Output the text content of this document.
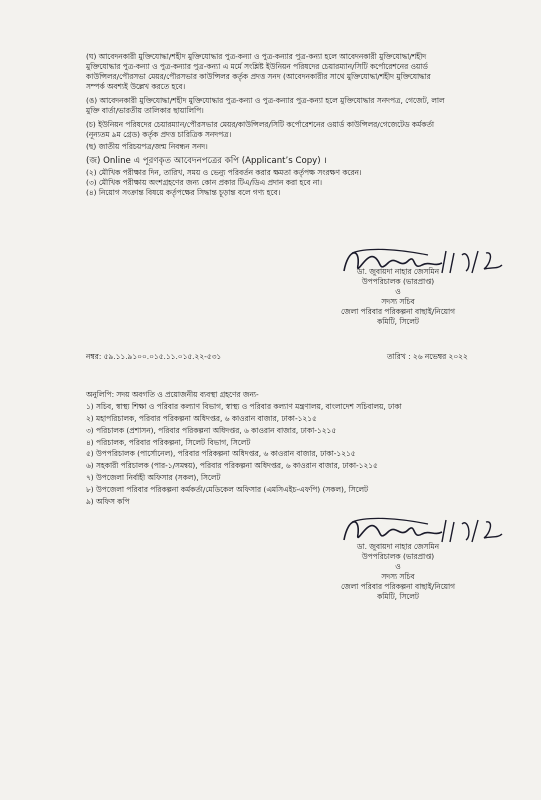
(ঘ) আবেদনকারী মুক্তিযোদ্ধা/শহীদ মুক্তিযোদ্ধার পুত্র-কন্যা ও পুত্র-কন্যার পুত্র-কন্যা হলে আবেদনকারী মুক্তিযোদ্ধা/শহীদ
মুক্তিযোদ্ধার পুত্র-কন্যা ও পুত্র-কন্যার পুত্র-কন্যা এ মর্মে সংশ্লিষ্ট ইউনিয়ন পরিষদের চেয়ারম্যান/সিটি কর্পোরেশনের ওয়ার্ড
কাউন্সিলর/পৌরসভা মেয়র/পৌরসভার কাউন্সিলর কর্তৃক প্রদত্ত সনদ (আবেদনকারীর সাথে মুক্তিযোদ্ধা/শহীদ মুক্তিযোদ্ধার
সম্পর্ক অবশ্যই উল্লেখ করতে হবে।
(ঙ) আবেদনকারী মুক্তিযোদ্ধা/শহীদ মুক্তিযোদ্ধার পুত্র-কন্যা ও পুত্র-কন্যার পুত্র-কন্যা হলে মুক্তিযোদ্ধার সনদপত্র, গেজেট, লাল
মুক্তি বার্তা/ভারতীয় তালিকার ছায়ালিপি।
(চ) ইউনিয়ন পরিষদের চেয়ারম্যান/পৌরসভার মেয়র/কাউন্সিলর/সিটি কর্পোরেশনের ওয়ার্ড কাউন্সিলর/গেজেটেড কর্মকর্তা
(নূন্যতম ৯ম গ্রেড) কর্তৃক প্রদত্ত চারিত্রিক সনদপত্র।
(ছ) জাতীয় পরিচয়পত্র/জন্ম নিবন্ধন সনদ।
(জ) Online এ পূরণকৃত আবেদনপত্রের কপি (Applicant’s Copy) ।
(২) মৌখিক পরীক্ষার দিন, তারিখ, সময় ও ভেন্যু পরিবর্তন করার ক্ষমতা কর্তৃপক্ষ সংরক্ষণ করেন।
(৩) মৌখিক পরীক্ষায় অংশগ্রহণের জন্য কোন প্রকার টিএ/ডিএ প্রদান করা হবে না।
(৪) নিয়োগ সংক্রান্ত বিষয়ে কর্তৃপক্ষের সিদ্ধান্ত চূড়ান্ত বলে গণ্য হবে।
ডা. জুবায়দা নাহার জেসমিন
উপপরিচালক (ভারপ্রাপ্ত)
ও
সদস্য সচিব
জেলা পরিবার পরিকল্পনা বাছাই/নিয়োগ
কমিটি, সিলেট
নম্বর: ৫৯.১১.৯১০০.০১৫.১১.০১৫.২২-৫৩১	তারিখ : ২৬ নভেম্বর ২০২২
অনুলিপি: সদয় অবগতি ও প্রয়োজনীয় ব্যবস্থা গ্রহণের জন্য-
১) সচিব, স্বাস্থ্য শিক্ষা ও পরিবার কল্যাণ বিভাগ, স্বাস্থ্য ও পরিবার কল্যাণ মন্ত্রণালয়, বাংলাদেশ সচিবালয়, ঢাকা
২) মহাপরিচালক, পরিবার পরিকল্পনা অধিদপ্তর, ৬ কাওরান বাজার, ঢাকা-১২১৫
৩) পরিচালক (প্রশাসন), পরিবার পরিকল্পনা অধিদপ্তর, ৬ কাওরান বাজার, ঢাকা-১২১৫
৪) পরিচালক, পরিবার পরিকল্পনা, সিলেট বিভাগ, সিলেট
৫) উপপরিচালক (পার্সোনেল), পরিবার পরিকল্পনা অধিদপ্তর, ৬ কাওরান বাজার, ঢাকা-১২১৫
৬) সহকারী পরিচালক (পার-১/সমন্বয়), পরিবার পরিকল্পনা অধিদপ্তর, ৬ কাওরান বাজার, ঢাকা-১২১৫
৭) উপজেলা নির্বাহী অফিসার (সকল), সিলেট
৮) উপজেলা পরিবার পরিকল্পনা কর্মকর্তা/মেডিকেল অফিসার (এমসিএইচ-এফপি) (সকল), সিলেট
৯) অফিস কপি
ডা. জুবায়দা নাহার জেসমিন
উপপরিচালক (ভারপ্রাপ্ত)
ও
সদস্য সচিব
জেলা পরিবার পরিকল্পনা বাছাই/নিয়োগ
কমিটি, সিলেট
